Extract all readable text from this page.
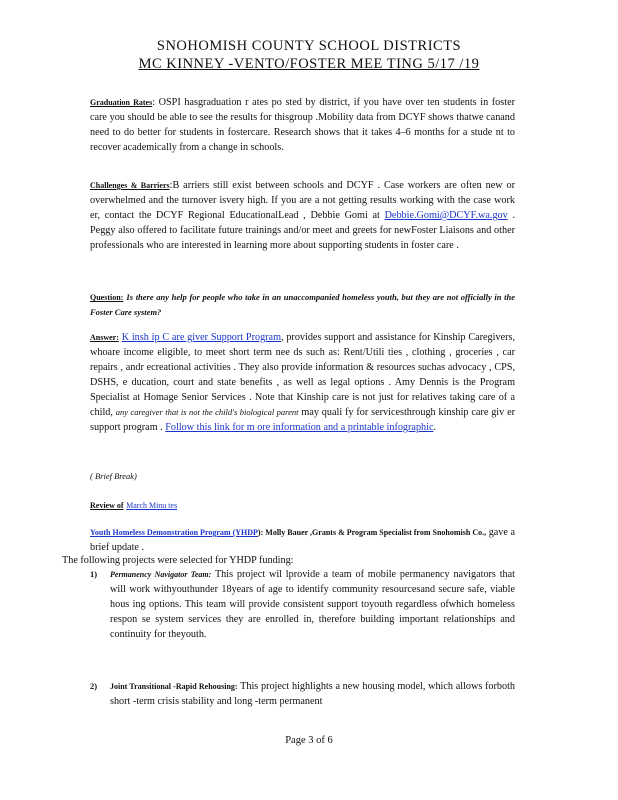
SNOHOMISH COUNTY SCHOOL DISTRICTS
MC KINNEY -VENTO/FOSTER MEE TING 5/17 /19
Graduation Rates: OSPI hasgraduation r ates po sted by district, if you have over ten students in foster care you should be able to see the results for thisgroup .Mobility data from DCYF shows thatwe canand need to do better for students in fostercare. Research shows that it takes 4–6 months for a stude nt to recover academically from a change in schools.
Challenges & Barriers:B arriers still exist between schools and DCYF . Case workers are often new or overwhelmed and the turnover isvery high. If you are a not getting results working with the case work er, contact the DCYF Regional EducationalLead , Debbie Gomi at Debbie.Gomi@DCYF.wa.gov . Peggy also offered to facilitate future trainings and/or meet and greets for newFoster Liaisons and other professionals who are interested in learning more about supporting students in foster care .
Question: Is there any help for people who take in an unaccompanied homeless youth, but they are not officially in the Foster Care system?
Answer: K insh ip C are giver Support Program, provides support and assistance for Kinship Caregivers, whoare income eligible, to meet short term nee ds such as: Rent/Utili ties , clothing , groceries , car repairs , andr ecreational activities . They also provide information & resources suchas advocacy , CPS, DSHS, e ducation, court and state benefits , as well as legal options . Amy Dennis is the Program Specialist at Homage Senior Services . Note that Kinship care is not just for relatives taking care of a child, any caregiver that is not the child's biological parent may quali fy for servicesthrough kinship care giv er support program . Follow this link for m ore information and a printable infographic.
( Brief Break)
Review of March Minu tes
Youth Homeless Demonstration Program (YHDP): Molly Bauer ,Grants & Program Specialist from Snohomish Co., gave a brief update .
The following projects were selected for YHDP funding:
1) Permanency Navigator Team: This project wil lprovide a team of mobile permanency navigators that will work withyouthunder 18years of age to identify community resourcesand secure safe, viable hous ing options. This team will provide consistent support toyouth regardless ofwhich homeless respon se system services they are enrolled in, therefore building important relationships and continuity for theyouth.
2) Joint Transitional -Rapid Rehousing: This project highlights a new housing model, which allows forboth short -term crisis stability and long -term permanent
Page 3 of 6
